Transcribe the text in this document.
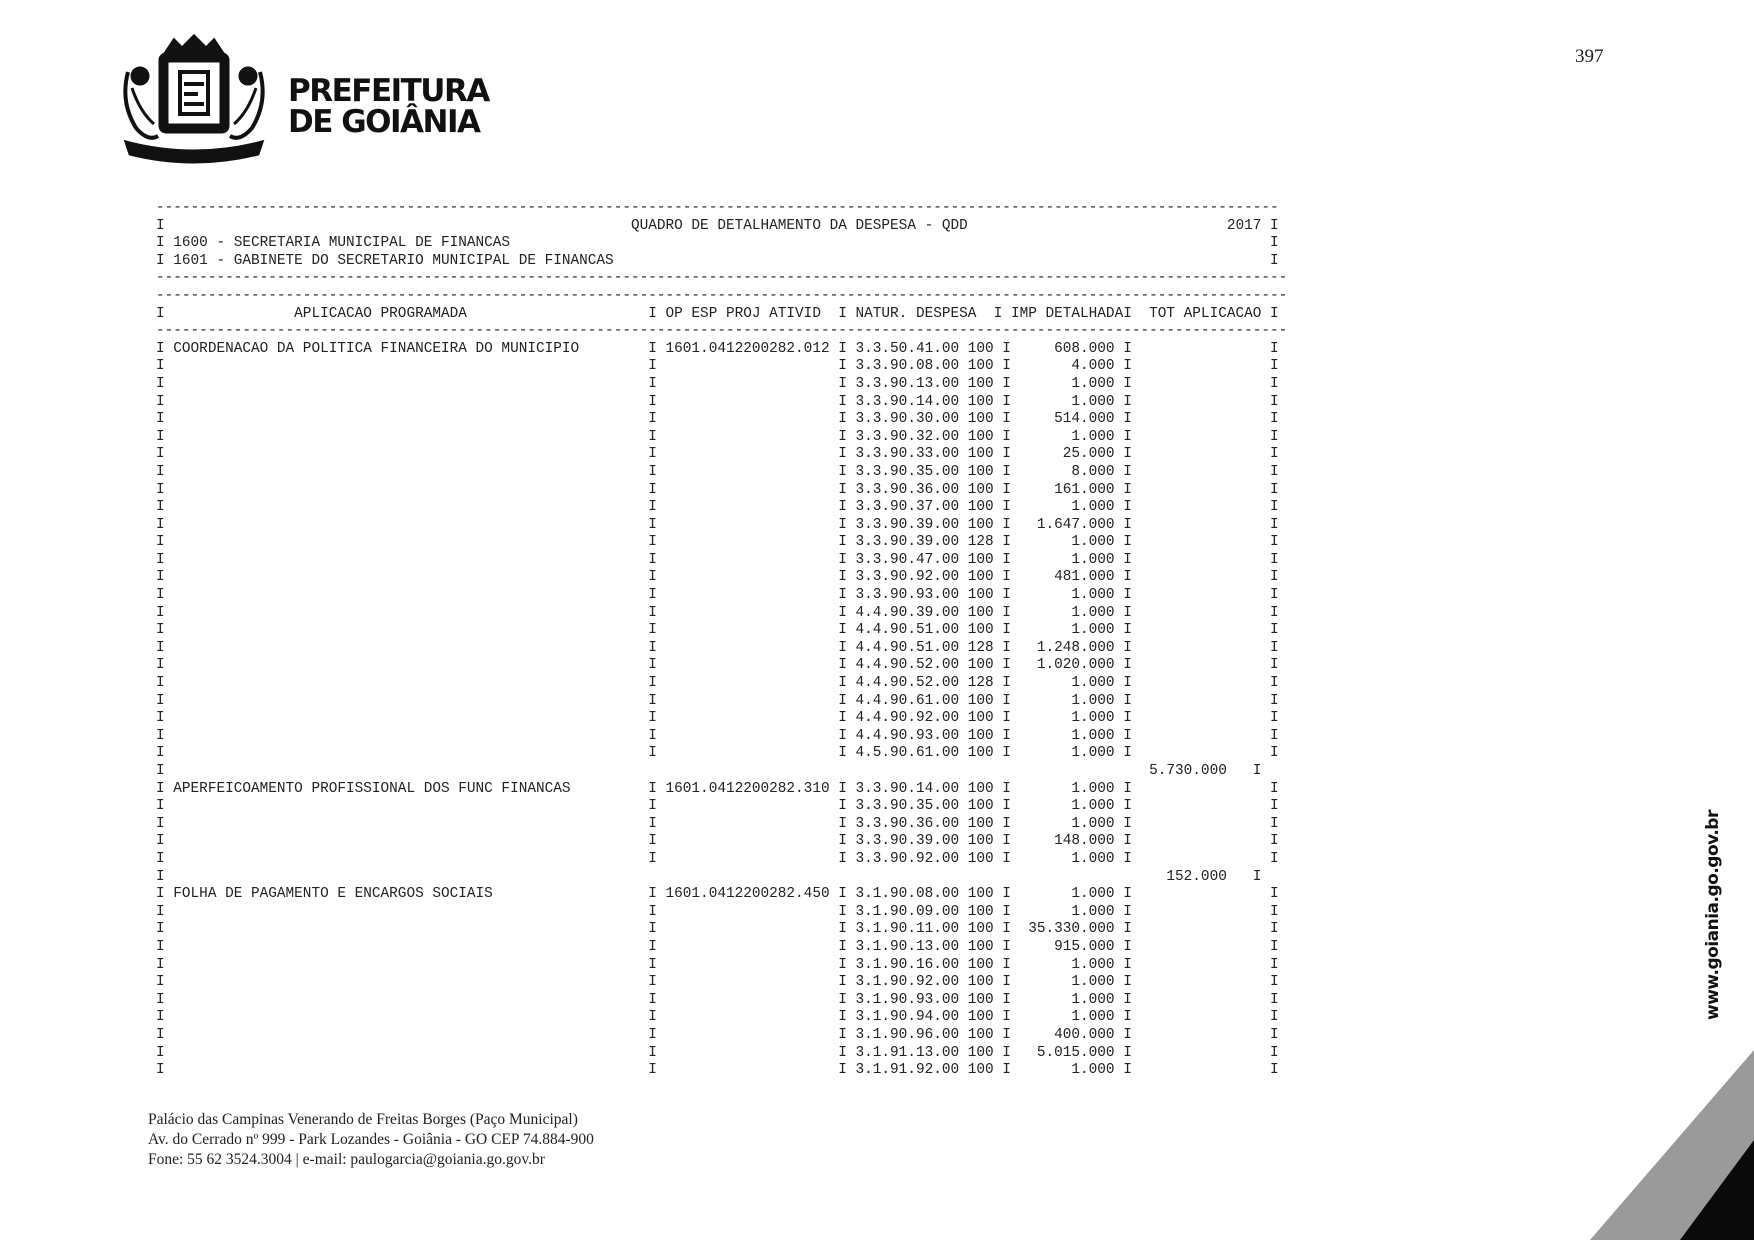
397
PREFEITURA
DE GOIÂNIA
----------------------------------------------------------------------------------------------------------------------------------
I                                                      QUADRO DE DETALHAMENTO DA DESPESA - QDD                              2017 I
I 1600 - SECRETARIA MUNICIPAL DE FINANCAS                                                                                        I
I 1601 - GABINETE DO SECRETARIO MUNICIPAL DE FINANCAS                                                                            I
-----------------------------------------------------------------------------------------------------------------------------------
-----------------------------------------------------------------------------------------------------------------------------------
I               APLICACAO PROGRAMADA                     I OP ESP PROJ ATIVID  I NATUR. DESPESA  I IMP DETALHADAI  TOT APLICACAO I
-----------------------------------------------------------------------------------------------------------------------------------
I COORDENACAO DA POLITICA FINANCEIRA DO MUNICIPIO        I 1601.0412200282.012 I 3.3.50.41.00 100 I     608.000 I                I
I                                                        I                     I 3.3.90.08.00 100 I       4.000 I                I
I                                                        I                     I 3.3.90.13.00 100 I       1.000 I                I
I                                                        I                     I 3.3.90.14.00 100 I       1.000 I                I
I                                                        I                     I 3.3.90.30.00 100 I     514.000 I                I
I                                                        I                     I 3.3.90.32.00 100 I       1.000 I                I
I                                                        I                     I 3.3.90.33.00 100 I      25.000 I                I
I                                                        I                     I 3.3.90.35.00 100 I       8.000 I                I
I                                                        I                     I 3.3.90.36.00 100 I     161.000 I                I
I                                                        I                     I 3.3.90.37.00 100 I       1.000 I                I
I                                                        I                     I 3.3.90.39.00 100 I   1.647.000 I                I
I                                                        I                     I 3.3.90.39.00 128 I       1.000 I                I
I                                                        I                     I 3.3.90.47.00 100 I       1.000 I                I
I                                                        I                     I 3.3.90.92.00 100 I     481.000 I                I
I                                                        I                     I 3.3.90.93.00 100 I       1.000 I                I
I                                                        I                     I 4.4.90.39.00 100 I       1.000 I                I
I                                                        I                     I 4.4.90.51.00 100 I       1.000 I                I
I                                                        I                     I 4.4.90.51.00 128 I   1.248.000 I                I
I                                                        I                     I 4.4.90.52.00 100 I   1.020.000 I                I
I                                                        I                     I 4.4.90.52.00 128 I       1.000 I                I
I                                                        I                     I 4.4.90.61.00 100 I       1.000 I                I
I                                                        I                     I 4.4.90.92.00 100 I       1.000 I                I
I                                                        I                     I 4.4.90.93.00 100 I       1.000 I                I
I                                                        I                     I 4.5.90.61.00 100 I       1.000 I                I
I                                                                                                                  5.730.000   I
I APERFEICOAMENTO PROFISSIONAL DOS FUNC FINANCAS         I 1601.0412200282.310 I 3.3.90.14.00 100 I       1.000 I                I
I                                                        I                     I 3.3.90.35.00 100 I       1.000 I                I
I                                                        I                     I 3.3.90.36.00 100 I       1.000 I                I
I                                                        I                     I 3.3.90.39.00 100 I     148.000 I                I
I                                                        I                     I 3.3.90.92.00 100 I       1.000 I                I
I                                                                                                                    152.000   I
I FOLHA DE PAGAMENTO E ENCARGOS SOCIAIS                  I 1601.0412200282.450 I 3.1.90.08.00 100 I       1.000 I                I
I                                                        I                     I 3.1.90.09.00 100 I       1.000 I                I
I                                                        I                     I 3.1.90.11.00 100 I  35.330.000 I                I
I                                                        I                     I 3.1.90.13.00 100 I     915.000 I                I
I                                                        I                     I 3.1.90.16.00 100 I       1.000 I                I
I                                                        I                     I 3.1.90.92.00 100 I       1.000 I                I
I                                                        I                     I 3.1.90.93.00 100 I       1.000 I                I
I                                                        I                     I 3.1.90.94.00 100 I       1.000 I                I
I                                                        I                     I 3.1.90.96.00 100 I     400.000 I                I
I                                                        I                     I 3.1.91.13.00 100 I   5.015.000 I                I
I                                                        I                     I 3.1.91.92.00 100 I       1.000 I                I
Palácio das Campinas Venerando de Freitas Borges (Paço Municipal)
Av. do Cerrado nº 999 - Park Lozandes - Goiânia - GO CEP 74.884-900
Fone: 55 62 3524.3004 | e-mail: paulogarcia@goiania.go.gov.br
www.goiania.go.gov.br
